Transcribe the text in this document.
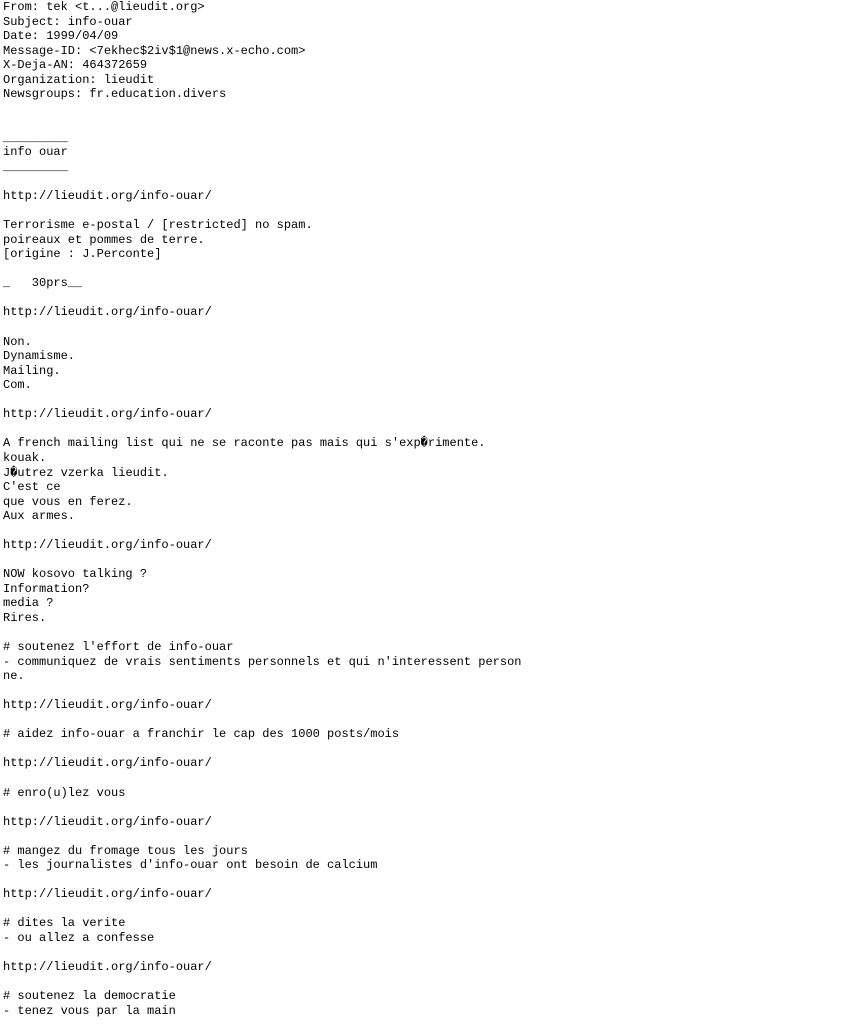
From: tek <t...@lieudit.org>
Subject: info-ouar
Date: 1999/04/09
Message-ID: <7ekhec$2iv$1@news.x-echo.com>
X-Deja-AN: 464372659
Organization: lieudit
Newsgroups: fr.education.divers
_________
info ouar
_________
http://lieudit.org/info-ouar/
Terrorisme e-postal / [restricted] no spam.
poireaux et pommes de terre.
[origine : J.Perconte]
_   30prs__
http://lieudit.org/info-ouar/
Non.
Dynamisme.
Mailing.
Com.
http://lieudit.org/info-ouar/
A french mailing list qui ne se raconte pas mais qui s'exp�rimente.
kouak.
J�utrez vzerka lieudit.
C'est ce
que vous en ferez.
Aux armes.
http://lieudit.org/info-ouar/
NOW kosovo talking ?
Information?
media ?
Rires.
# soutenez l'effort de info-ouar
- communiquez de vrais sentiments personnels et qui n'interessent person
ne.
http://lieudit.org/info-ouar/
# aidez info-ouar a franchir le cap des 1000 posts/mois
http://lieudit.org/info-ouar/
# enro(u)lez vous
http://lieudit.org/info-ouar/
# mangez du fromage tous les jours
- les journalistes d'info-ouar ont besoin de calcium
http://lieudit.org/info-ouar/
# dites la verite
- ou allez a confesse
http://lieudit.org/info-ouar/
# soutenez la democratie
- tenez vous par la main
